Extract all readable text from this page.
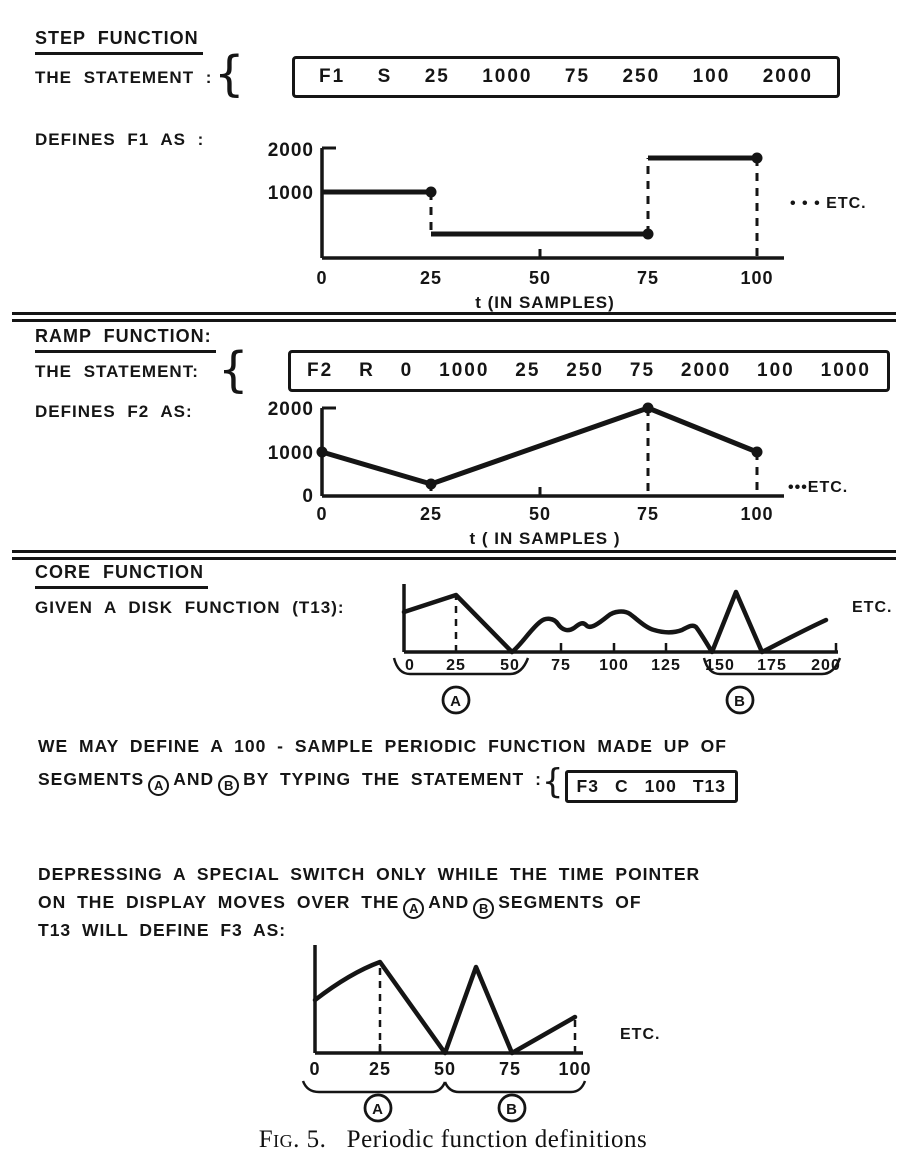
STEP FUNCTION
THE STATEMENT : {	F1 S 25 1000 75 250 100 2000
DEFINES F1 AS :
2000
1000
0	25	50	75	100
• • • ETC.
t (IN SAMPLES)
RAMP FUNCTION:
THE STATEMENT: {	F2 R 0 1000 25 250 75 2000 100 1000
DEFINES F2 AS:	2000
1000
0
0	25	50	75	100
•••ETC.
t ( IN SAMPLES )
CORE FUNCTION
GIVEN A DISK FUNCTION (T13):
0 25 50 75 100 125 150 175 200
A	B
ETC.
WE MAY DEFINE A 100 - SAMPLE PERIODIC FUNCTION MADE UP OF
SEGMENTS A AND B BY TYPING THE STATEMENT :{ F3 C 100 T13
DEPRESSING A SPECIAL SWITCH ONLY WHILE THE TIME POINTER
ON THE DISPLAY MOVES OVER THE A AND B SEGMENTS OF
T13 WILL DEFINE F3 AS:
0	25 50 75 100
A	B
ETC.
Fig. 5. Periodic function definitions
